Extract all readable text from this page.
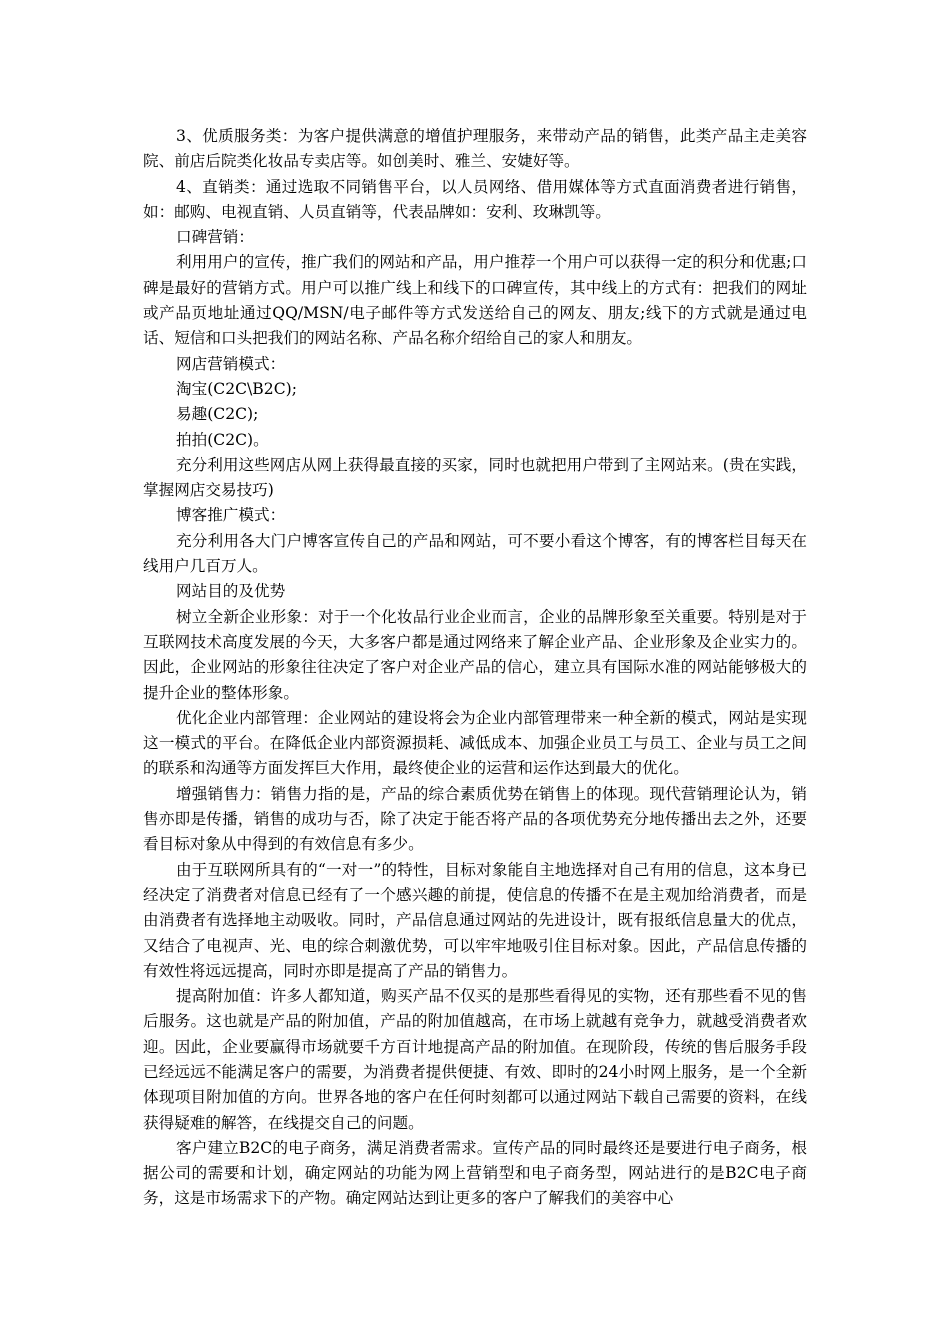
3、优质服务类：为客户提供满意的增值护理服务，来带动产品的销售，此类产品主走美容院、前店后院类化妆品专卖店等。如创美时、雅兰、安婕好等。

4、直销类：通过选取不同销售平台，以人员网络、借用媒体等方式直面消费者进行销售，如：邮购、电视直销、人员直销等，代表品牌如：安利、玫琳凯等。

口碑营销：

利用用户的宣传，推广我们的网站和产品，用户推荐一个用户可以获得一定的积分和优惠;口碑是最好的营销方式。用户可以推广线上和线下的口碑宣传，其中线上的方式有：把我们的网址或产品页地址通过QQ/MSN/电子邮件等方式发送给自己的网友、朋友;线下的方式就是通过电话、短信和口头把我们的网站名称、产品名称介绍给自己的家人和朋友。

网店营销模式：

淘宝(C2C\B2C);

易趣(C2C);

拍拍(C2C)。

充分利用这些网店从网上获得最直接的买家，同时也就把用户带到了主网站来。(贵在实践，掌握网店交易技巧)

博客推广模式：

充分利用各大门户博客宣传自己的产品和网站，可不要小看这个博客，有的博客栏目每天在线用户几百万人。

网站目的及优势

树立全新企业形象：对于一个化妆品行业企业而言，企业的品牌形象至关重要。特别是对于互联网技术高度发展的今天，大多客户都是通过网络来了解企业产品、企业形象及企业实力的。因此，企业网站的形象往往决定了客户对企业产品的信心，建立具有国际水准的网站能够极大的提升企业的整体形象。

优化企业内部管理：企业网站的建设将会为企业内部管理带来一种全新的模式，网站是实现这一模式的平台。在降低企业内部资源损耗、减低成本、加强企业员工与员工、企业与员工之间的联系和沟通等方面发挥巨大作用，最终使企业的运营和运作达到最大的优化。

增强销售力：销售力指的是，产品的综合素质优势在销售上的体现。现代营销理论认为，销售亦即是传播，销售的成功与否，除了决定于能否将产品的各项优势充分地传播出去之外，还要看目标对象从中得到的有效信息有多少。

由于互联网所具有的“一对一”的特性，目标对象能自主地选择对自己有用的信息，这本身已经决定了消费者对信息已经有了一个感兴趣的前提，使信息的传播不在是主观加给消费者，而是由消费者有选择地主动吸收。同时，产品信息通过网站的先进设计，既有报纸信息量大的优点，又结合了电视声、光、电的综合刺激优势，可以牢牢地吸引住目标对象。因此，产品信息传播的有效性将远远提高，同时亦即是提高了产品的销售力。

提高附加值：许多人都知道，购买产品不仅买的是那些看得见的实物，还有那些看不见的售后服务。这也就是产品的附加值，产品的附加值越高，在市场上就越有竞争力，就越受消费者欢迎。因此，企业要赢得市场就要千方百计地提高产品的附加值。在现阶段，传统的售后服务手段已经远远不能满足客户的需要，为消费者提供便捷、有效、即时的24小时网上服务，是一个全新体现项目附加值的方向。世界各地的客户在任何时刻都可以通过网站下载自己需要的资料，在线获得疑难的解答，在线提交自己的问题。

客户建立B2C的电子商务，满足消费者需求。宣传产品的同时最终还是要进行电子商务，根据公司的需要和计划，确定网站的功能为网上营销型和电子商务型，网站进行的是B2C电子商务，这是市场需求下的产物。确定网站达到让更多的客户了解我们的美容中心
